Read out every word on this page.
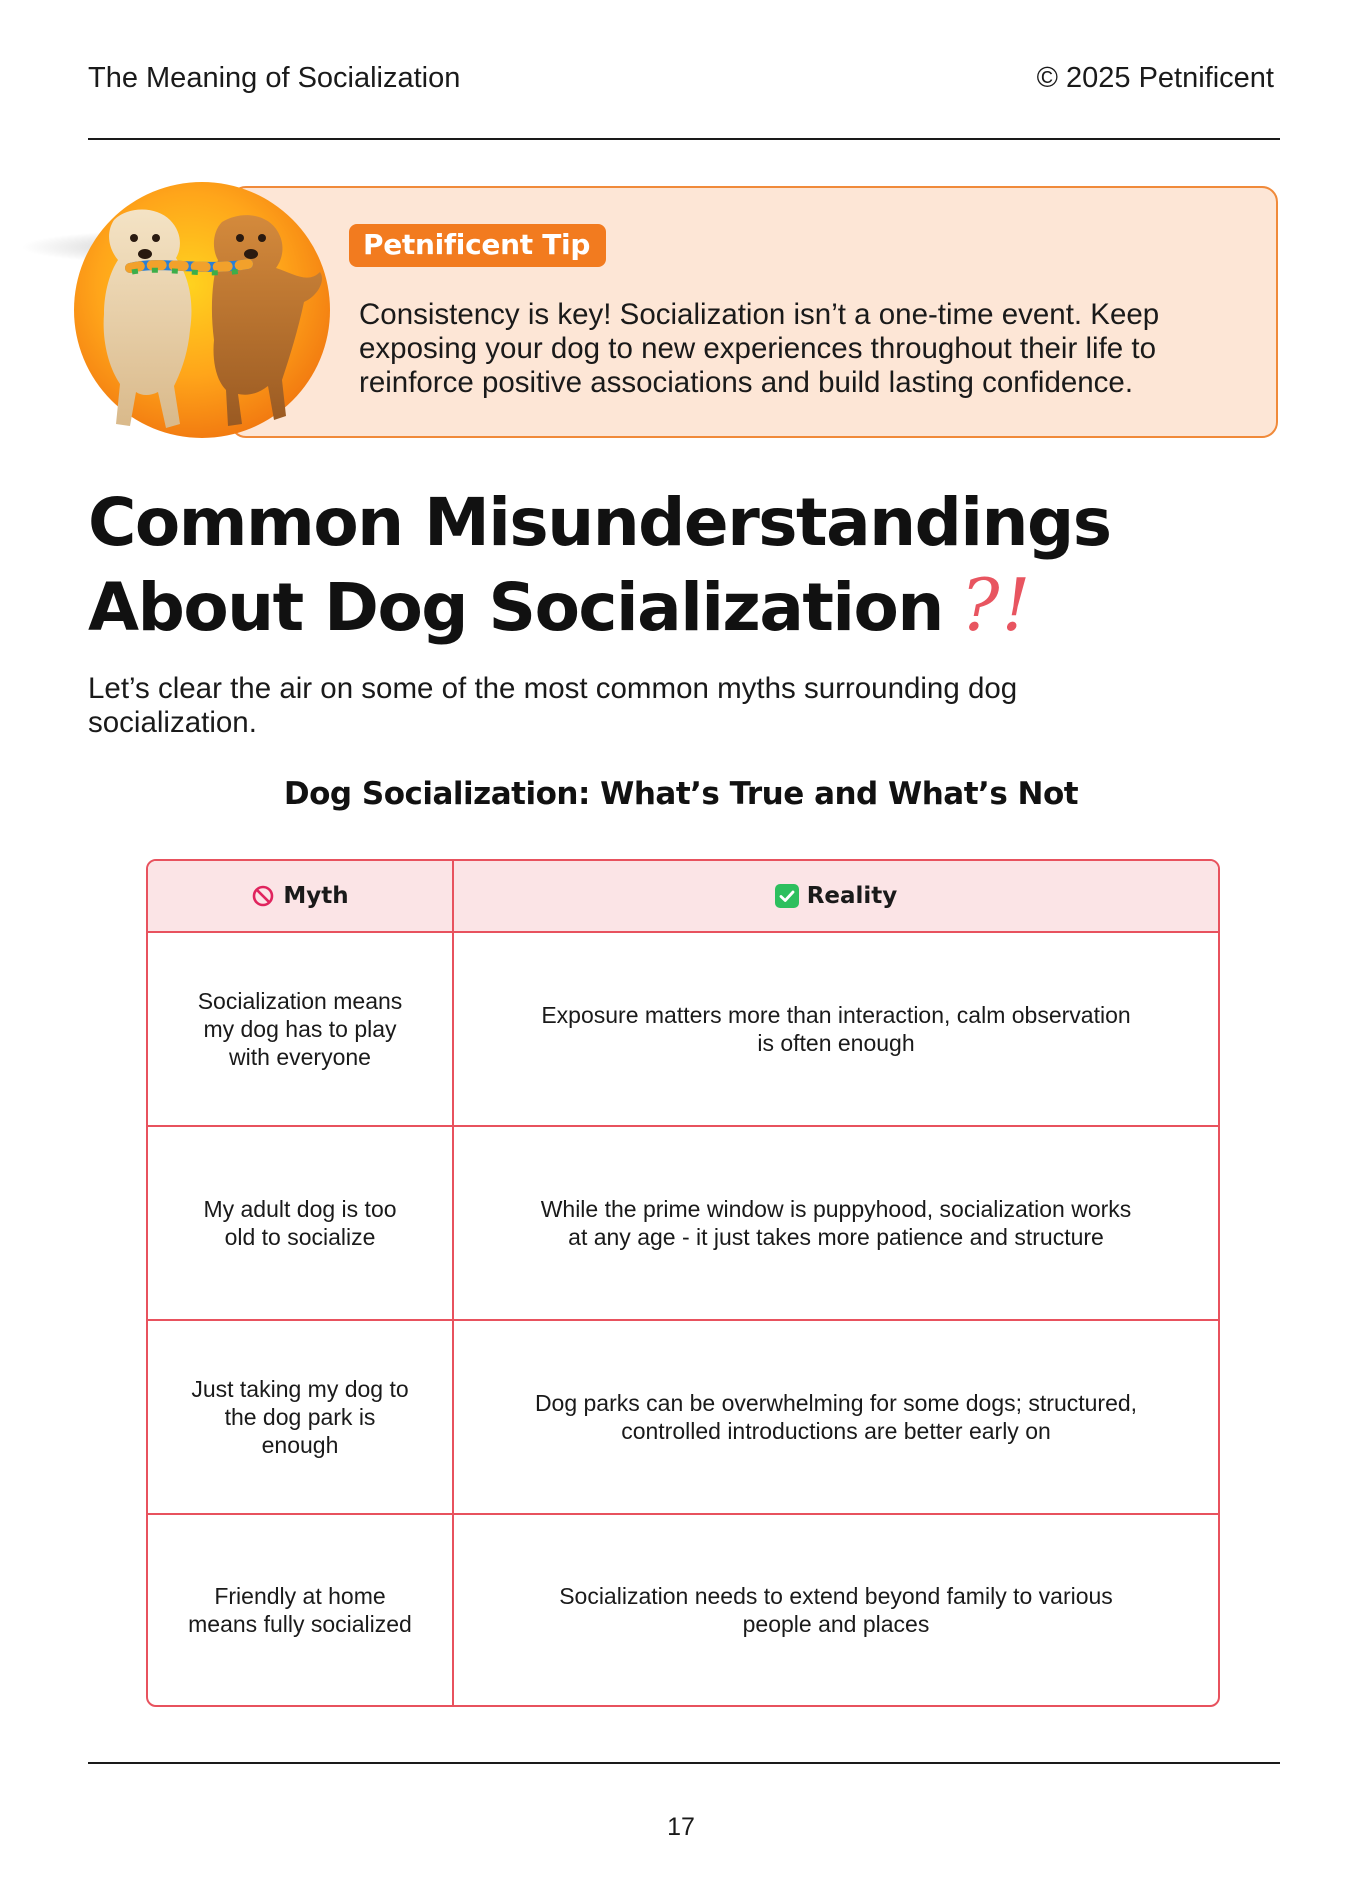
The Meaning of Socialization	© 2025 Petnificent
Petnificent Tip
Consistency is key! Socialization isn’t a one-time event. Keep exposing your dog to new experiences throughout their life to reinforce positive associations and build lasting confidence.
Common Misunderstandings
About Dog Socialization ?!
Let’s clear the air on some of the most common myths surrounding dog socialization.
Dog Socialization: What’s True and What’s Not
Myth	Reality
Socialization means my dog has to play with everyone
Exposure matters more than interaction, calm observation is often enough
My adult dog is too old to socialize
While the prime window is puppyhood, socialization works at any age - it just takes more patience and structure
Just taking my dog to the dog park is enough
Dog parks can be overwhelming for some dogs; structured, controlled introductions are better early on
Friendly at home means fully socialized
Socialization needs to extend beyond family to various people and places
17
